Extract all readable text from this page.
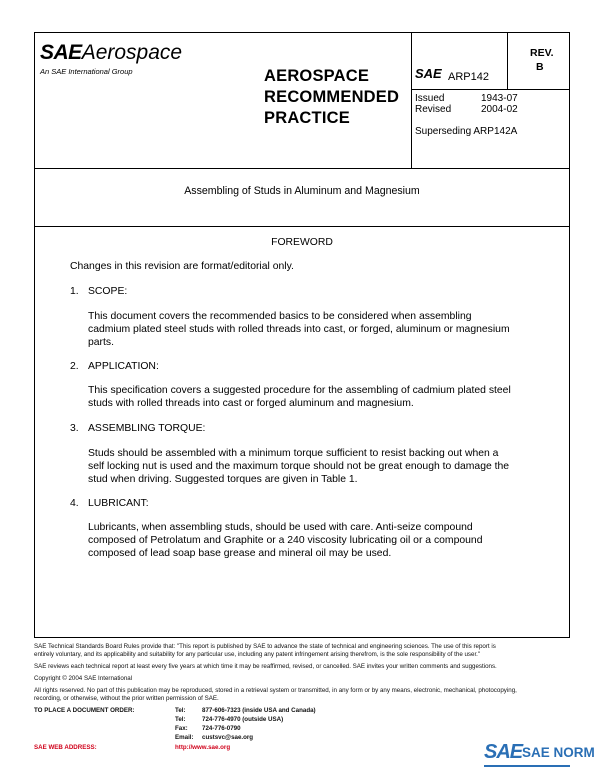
SAEAerospace
An SAE International Group	AEROSPACE
RECOMMENDED
PRACTICE
SAE ARP142
REV.
B
Issued	1943-07
Revised	2004-02
Superseding ARP142A
Assembling of Studs in Aluminum and Magnesium
FOREWORD
Changes in this revision are format/editorial only.
1. SCOPE:
This document covers the recommended basics to be considered when assembling
cadmium plated steel studs with rolled threads into cast, or forged, aluminum or magnesium
parts.
2. APPLICATION:
This specification covers a suggested procedure for the assembling of cadmium plated steel
studs with rolled threads into cast or forged aluminum and magnesium.
3. ASSEMBLING TORQUE:
Studs should be assembled with a minimum torque sufficient to resist backing out when a
self locking nut is used and the maximum torque should not be great enough to damage the
stud when driving. Suggested torques are given in Table 1.
4. LUBRICANT:
Lubricants, when assembling studs, should be used with care. Anti-seize compound
composed of Petrolatum and Graphite or a 240 viscosity lubricating oil or a compound
composed of lead soap base grease and mineral oil may be used.
SAE Technical Standards Board Rules provide that: "This report is published by SAE to advance the state of technical and engineering sciences. The use of this report is
entirely voluntary, and its applicability and suitability for any particular use, including any patent infringement arising therefrom, is the sole responsibility of the user."
SAE reviews each technical report at least every five years at which time it may be reaffirmed, revised, or cancelled. SAE invites your written comments and suggestions.
Copyright © 2004 SAE International
All rights reserved. No part of this publication may be reproduced, stored in a retrieval system or transmitted, in any form or by any means, electronic, mechanical, photocopying,
recording, or otherwise, without the prior written permission of SAE.
TO PLACE A DOCUMENT ORDER:	Tel:	877-606-7323 (inside USA and Canada)
Tel:	724-776-4970 (outside USA)
Fax: 724-776-0790
Email: custsvc@sae.org
SAE WEB ADDRESS:	http://www.sae.org	SAE SAE NORM
